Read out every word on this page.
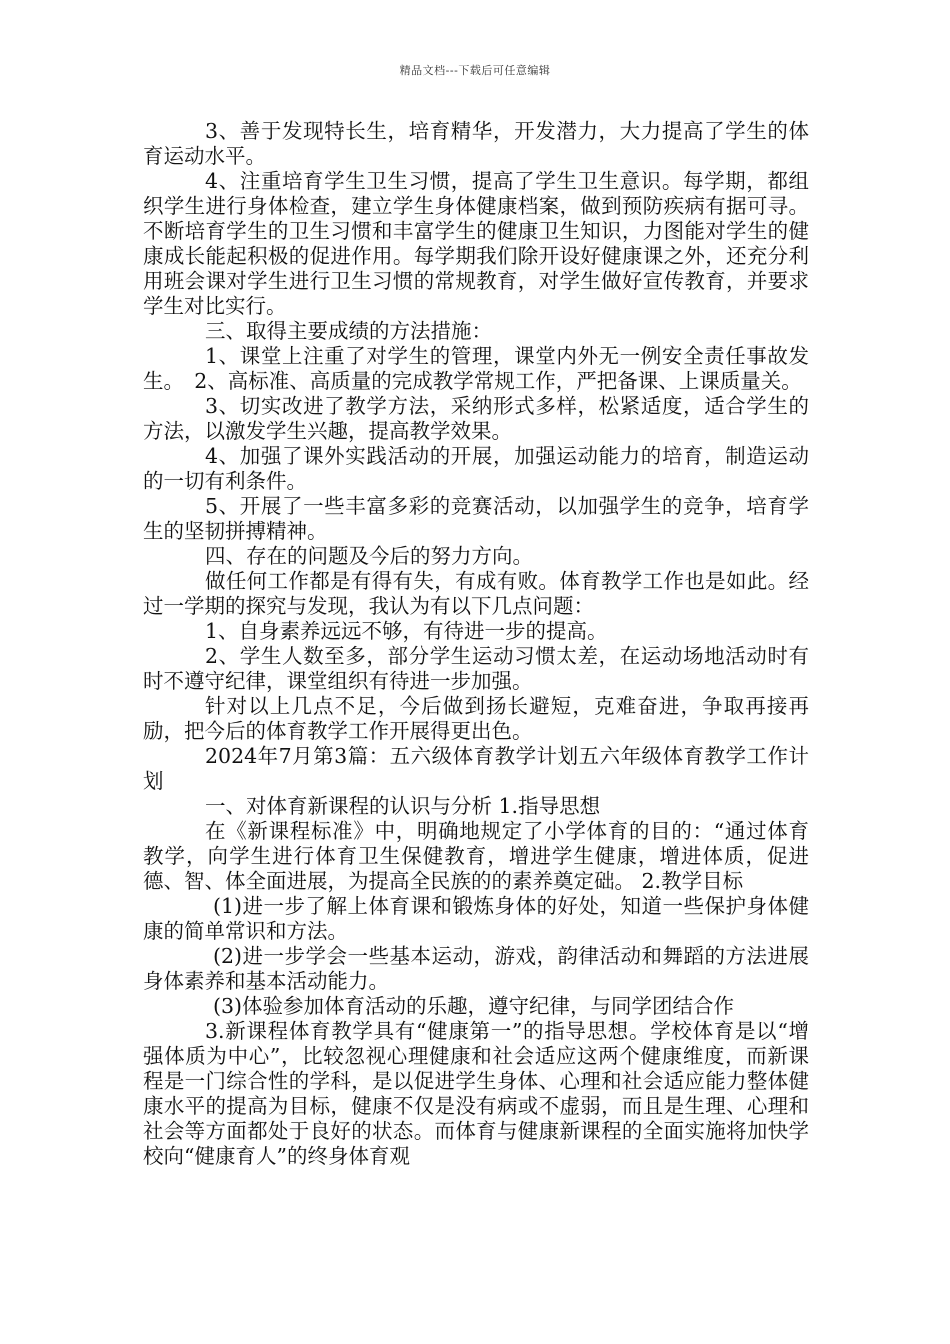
精品文档---下载后可任意编辑

3、善于发现特长生，培育精华，开发潜力，大力提高了学生的体育运动水平。

4、注重培育学生卫生习惯，提高了学生卫生意识。每学期，都组织学生进行身体检查，建立学生身体健康档案，做到预防疾病有据可寻。不断培育学生的卫生习惯和丰富学生的健康卫生知识，力图能对学生的健康成长能起积极的促进作用。每学期我们除开设好健康课之外，还充分利用班会课对学生进行卫生习惯的常规教育，对学生做好宣传教育，并要求学生对比实行。

三、取得主要成绩的方法措施：

1、课堂上注重了对学生的管理，课堂内外无一例安全责任事故发生。　2、高标准、高质量的完成教学常规工作，严把备课、上课质量关。

3、切实改进了教学方法，采纳形式多样，松紧适度，适合学生的方法，以激发学生兴趣，提高教学效果。

4、加强了课外实践活动的开展，加强运动能力的培育，制造运动的一切有利条件。

5、开展了一些丰富多彩的竞赛活动，以加强学生的竞争，培育学生的坚韧拼搏精神。

四、存在的问题及今后的努力方向。

做任何工作都是有得有失，有成有败。体育教学工作也是如此。经过一学期的探究与发现，我认为有以下几点问题：

1、自身素养远远不够，有待进一步的提高。

2、学生人数至多，部分学生运动习惯太差，在运动场地活动时有时不遵守纪律，课堂组织有待进一步加强。

针对以上几点不足，今后做到扬长避短，克难奋进，争取再接再励，把今后的体育教学工作开展得更出色。

2024年7月第3篇：五六级体育教学计划五六年级体育教学工作计划

一、对体育新课程的认识与分析 1.指导思想

在《新课程标准》中，明确地规定了小学体育的目的：“通过体育教学，向学生进行体育卫生保健教育，增进学生健康，增进体质，促进德、智、体全面进展，为提高全民族的的素养奠定础。 2.教学目标

(1)进一步了解上体育课和锻炼身体的好处，知道一些保护身体健康的简单常识和方法。

(2)进一步学会一些基本运动，游戏，韵律活动和舞蹈的方法进展身体素养和基本活动能力。

(3)体验参加体育活动的乐趣，遵守纪律，与同学团结合作

3.新课程体育教学具有“健康第一”的指导思想。学校体育是以“增强体质为中心”，比较忽视心理健康和社会适应这两个健康维度，而新课程是一门综合性的学科，是以促进学生身体、心理和社会适应能力整体健康水平的提高为目标，健康不仅是没有病或不虚弱，而且是生理、心理和社会等方面都处于良好的状态。而体育与健康新课程的全面实施将加快学校向“健康育人”的终身体育观
